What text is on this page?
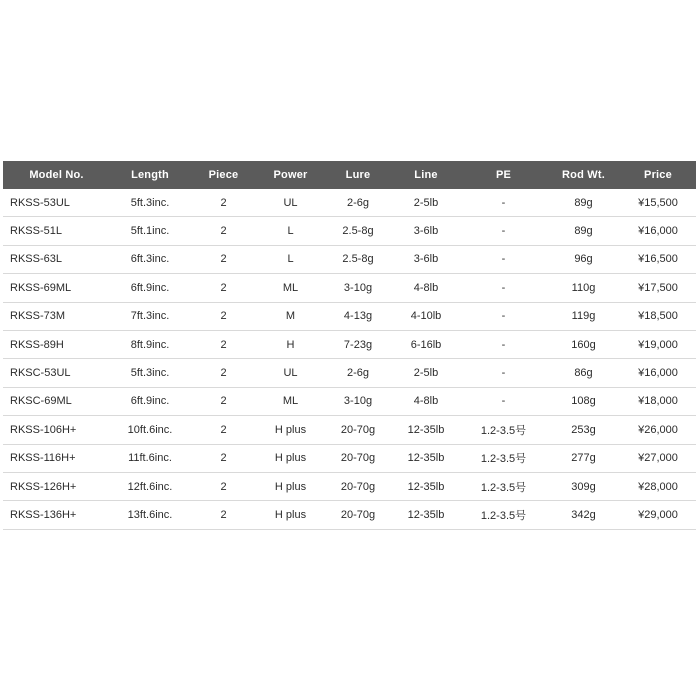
Model No.	Length	Piece	Power	Lure	Line	PE	Rod Wt.	Price
RKSS-53UL	5ft.3inc.	2	UL	2-6g	2-5lb	-	89g	¥15,500
RKSS-51L	5ft.1inc.	2	L	2.5-8g	3-6lb	-	89g	¥16,000
RKSS-63L	6ft.3inc.	2	L	2.5-8g	3-6lb	-	96g	¥16,500
RKSS-69ML	6ft.9inc.	2	ML	3-10g	4-8lb	-	110g	¥17,500
RKSS-73M	7ft.3inc.	2	M	4-13g	4-10lb	-	119g	¥18,500
RKSS-89H	8ft.9inc.	2	H	7-23g	6-16lb	-	160g	¥19,000
RKSC-53UL	5ft.3inc.	2	UL	2-6g	2-5lb	-	86g	¥16,000
RKSC-69ML	6ft.9inc.	2	ML	3-10g	4-8lb	-	108g	¥18,000
RKSS-106H+	10ft.6inc.	2	H plus	20-70g	12-35lb	1.2-3.5号	253g	¥26,000
RKSS-116H+	11ft.6inc.	2	H plus	20-70g	12-35lb	1.2-3.5号	277g	¥27,000
RKSS-126H+	12ft.6inc.	2	H plus	20-70g	12-35lb	1.2-3.5号	309g	¥28,000
RKSS-136H+	13ft.6inc.	2	H plus	20-70g	12-35lb	1.2-3.5号	342g	¥29,000
